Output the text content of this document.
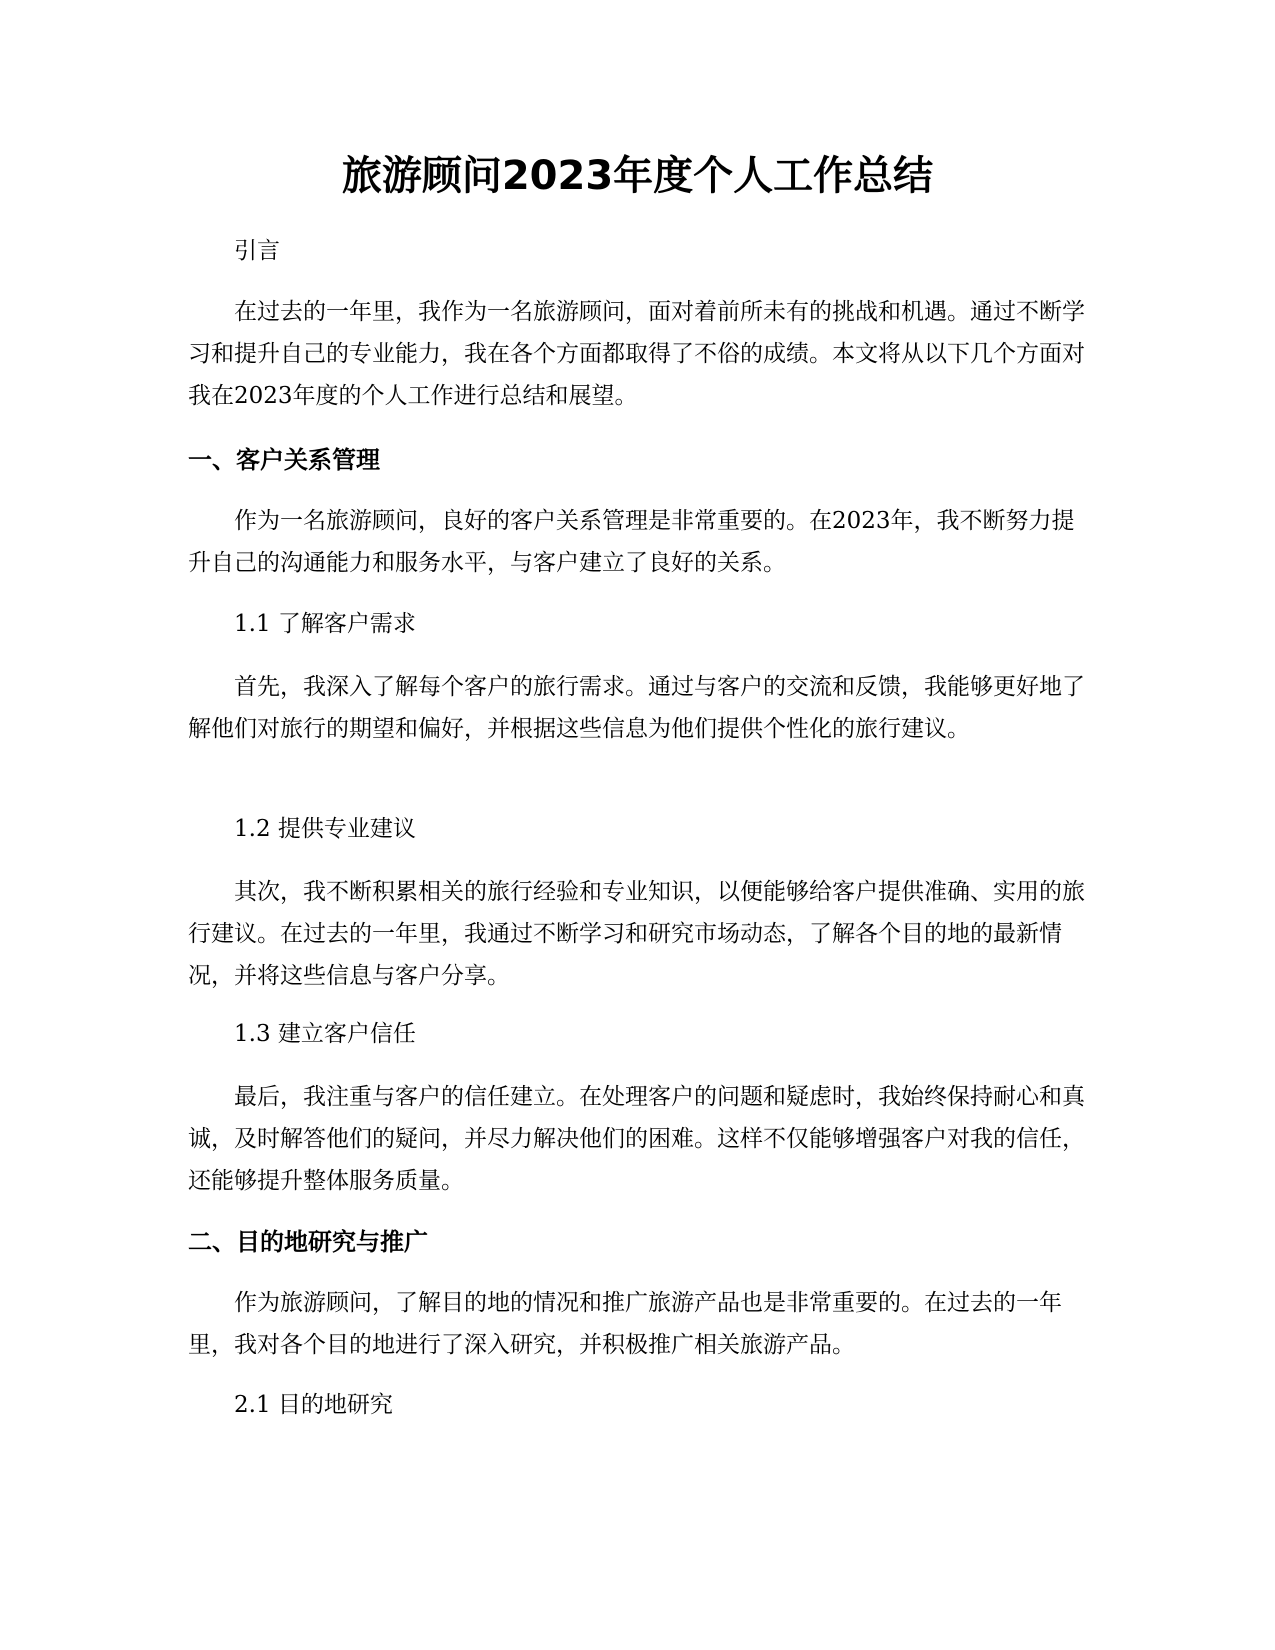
旅游顾问2023年度个人工作总结

引言

在过去的一年里，我作为一名旅游顾问，面对着前所未有的挑战和机遇。通过不断学习和提升自己的专业能力，我在各个方面都取得了不俗的成绩。本文将从以下几个方面对我在2023年度的个人工作进行总结和展望。

一、客户关系管理

作为一名旅游顾问，良好的客户关系管理是非常重要的。在2023年，我不断努力提升自己的沟通能力和服务水平，与客户建立了良好的关系。

1.1 了解客户需求

首先，我深入了解每个客户的旅行需求。通过与客户的交流和反馈，我能够更好地了解他们对旅行的期望和偏好，并根据这些信息为他们提供个性化的旅行建议。

1.2 提供专业建议

其次，我不断积累相关的旅行经验和专业知识，以便能够给客户提供准确、实用的旅行建议。在过去的一年里，我通过不断学习和研究市场动态，了解各个目的地的最新情况，并将这些信息与客户分享。

1.3 建立客户信任

最后，我注重与客户的信任建立。在处理客户的问题和疑虑时，我始终保持耐心和真诚，及时解答他们的疑问，并尽力解决他们的困难。这样不仅能够增强客户对我的信任，还能够提升整体服务质量。

二、目的地研究与推广

作为旅游顾问，了解目的地的情况和推广旅游产品也是非常重要的。在过去的一年里，我对各个目的地进行了深入研究，并积极推广相关旅游产品。

2.1 目的地研究
